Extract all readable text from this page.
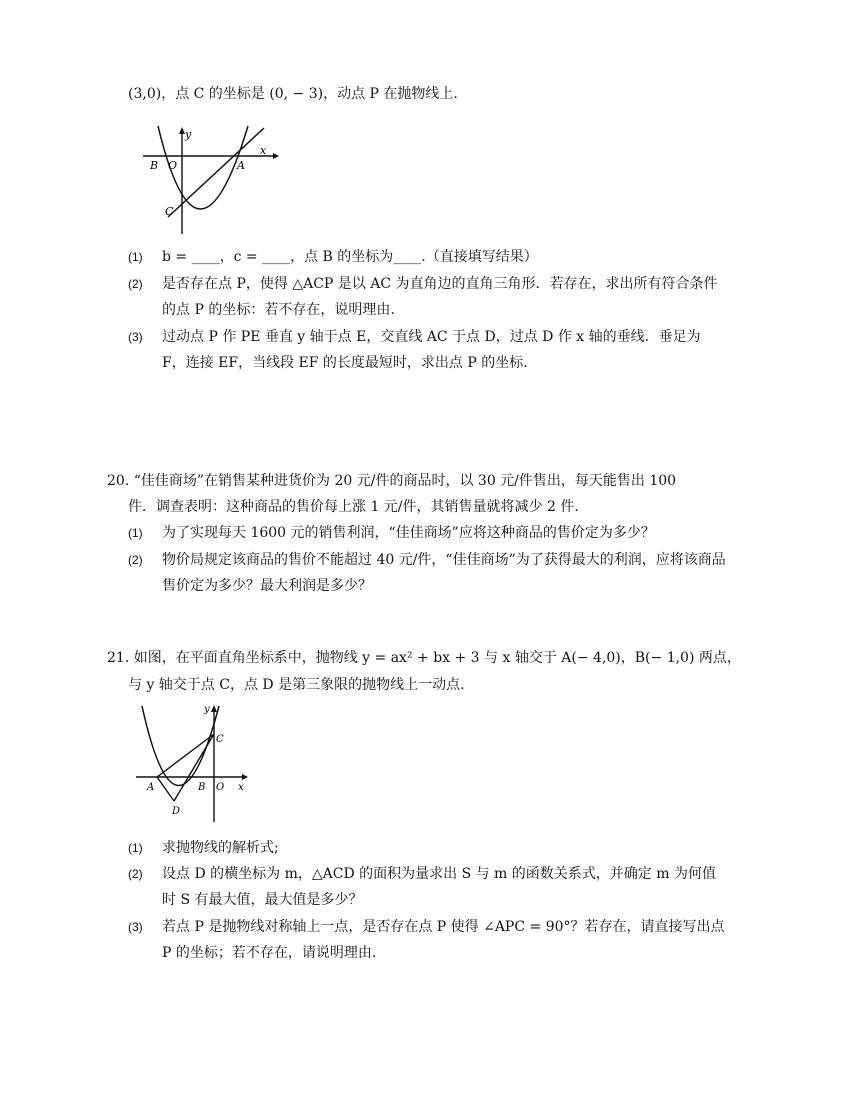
(3,0)，点 C 的坐标是 (0, − 3)，动点 P 在抛物线上.
y
x
B O	A
C
(1) b = ____，c = ____，点 B 的坐标为____.（直接填写结果）
(2) 是否存在点 P，使得 △ACP 是以 AC 为直角边的直角三角形．若存在，求出所有符合条件
的点 P 的坐标：若不存在，说明理由.
(3) 过动点 P 作 PE 垂直 y 轴于点 E，交直线 AC 于点 D，过点 D 作 x 轴的垂线．垂足为
F，连接 EF，当线段 EF 的长度最短时，求出点 P 的坐标.
20. “佳佳商场”在销售某种进货价为 20 元/件的商品时，以 30 元/件售出，每天能售出 100
件．调查表明：这种商品的售价每上涨 1 元/件，其销售量就将减少 2 件.
(1) 为了实现每天 1600 元的销售利润，“佳佳商场”应将这种商品的售价定为多少？
(2) 物价局规定该商品的售价不能超过 40 元/件，“佳佳商场”为了获得最大的利润，应将该商品
售价定为多少？最大利润是多少？
21. 如图，在平面直角坐标系中，抛物线 y = ax² + bx + 3 与 x 轴交于 A(− 4,0)，B(− 1,0) 两点，
与 y 轴交于点 C，点 D 是第三象限的抛物线上一动点.
y
x
A	B O
C
D
(1) 求抛物线的解析式;
(2) 设点 D 的横坐标为 m，△ACD 的面积为量求出 S 与 m 的函数关系式，并确定 m 为何值
时 S 有最大值，最大值是多少？
(3) 若点 P 是抛物线对称轴上一点，是否存在点 P 使得 ∠APC = 90°？若存在，请直接写出点
P 的坐标；若不存在，请说明理由.
